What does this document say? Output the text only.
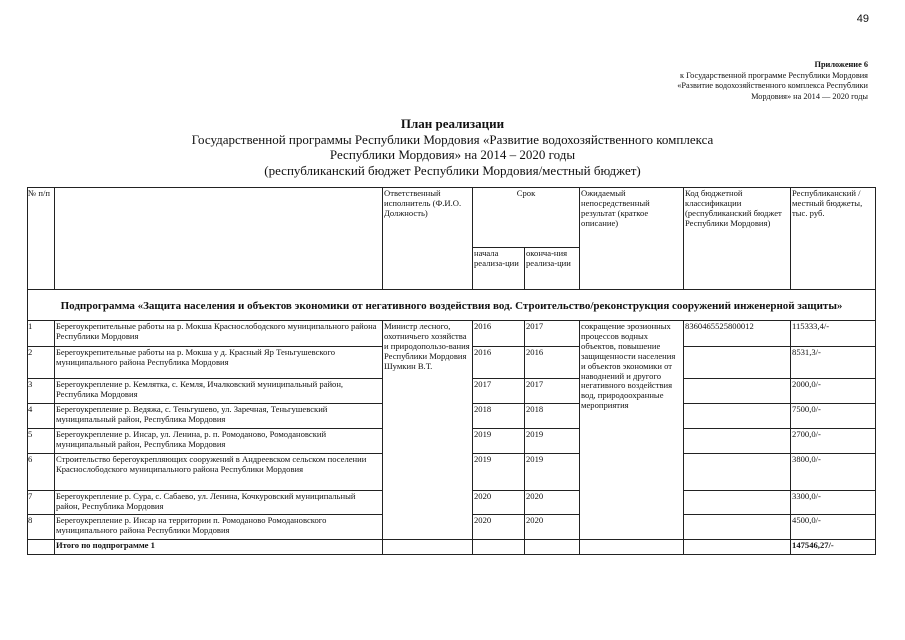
49
Приложение 6
к Государственной программе Республики Мордовия
«Развитие водохозяйственного комплекса Республики
Мордовия» на 2014 — 2020 годы
План реализации
Государственной программы Республики Мордовия «Развитие водохозяйственного комплекса
Республики Мордовия» на 2014 – 2020 годы
(республиканский бюджет Республики Мордовия/местный бюджет)
№ п/п		Ответственный исполнитель (Ф.И.О. Должность)	Срок		Ожидаемый непосредственный результат (краткое описание)	Код бюджетной классификации (республиканский бюджет Республики Мордовия)	Республиканский /местный бюджеты, тыс. руб.
			начала реализа-ции	оконча-ния реализа-ции			
Подпрограмма «Защита населения и объектов экономики от негативного воздействия вод. Строительство/реконструкция сооружений инженерной защиты»							
1	Берегоукрепительные работы на р. Мокша Краснослободского муниципального района Республики Мордовия	Министр лесного, охотничьего хозяйства и природопользо-вания Республики Мордовия Шумкин В.Т.	2016	2017	сокращение эрозионных процессов водных объектов, повышение защищенности населения и объектов экономики от наводнений и другого негативного воздействия вод, природоохранные мероприятия	8360465525800012	115333,4/-
2	Берегоукрепительные работы на р. Мокша у д. Красный Яр Теньгушевского муниципального района Республика Мордовия		2016	2016			8531,3/-
3	Берегоукрепление р. Кемлятка, с. Кемля, Ичалковский муниципальный район, Республика Мордовия		2017	2017			2000,0/-
4	Берегоукрепление р. Ведяжа, с. Теньгушево, ул. Заречная, Теньгушевский муниципальный район, Республика Мордовия		2018	2018			7500,0/-
5	Берегоукрепление р. Инсар, ул. Ленина, р. п. Ромоданово, Ромодановский муниципальный район, Республика Мордовия		2019	2019			2700,0/-
6	Строительство берегоукрепляющих сооружений в Андреевском сельском поселении Краснослободского муниципального района Республики Мордовия		2019	2019			3800,0/-
7	Берегоукрепление р. Сура, с. Сабаево, ул. Ленина, Кочкуровский муниципальный район, Республика Мордовия		2020	2020			3300,0/-
8	Берегоукрепление р. Инсар на территории п. Ромоданово Ромодановского муниципального района Республики Мордовия		2020	2020			4500,0/-
	Итого по подпрограмме 1						147546,27/-
